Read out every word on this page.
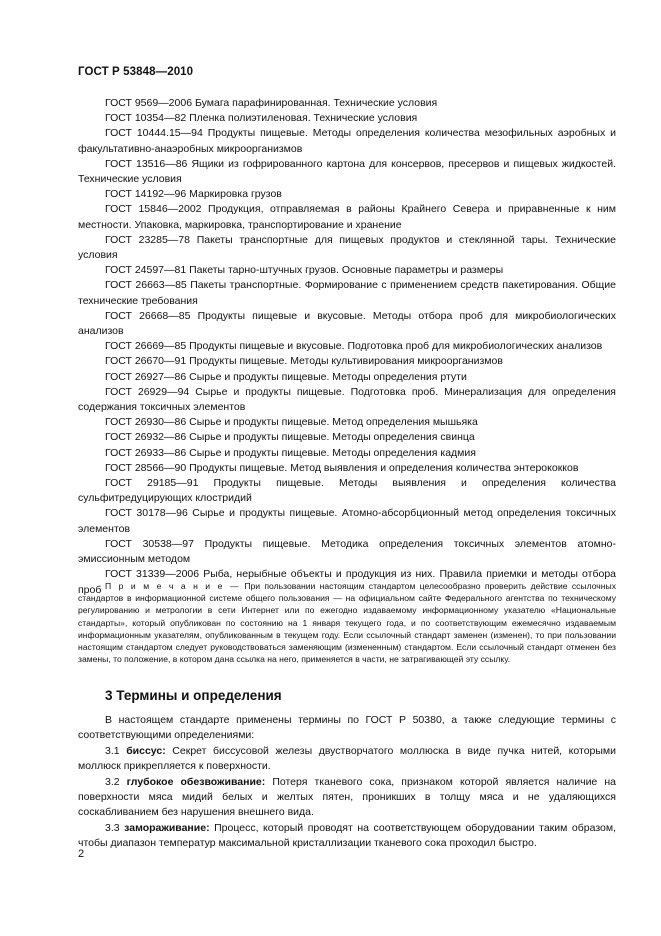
ГОСТ Р 53848—2010

ГОСТ 9569—2006 Бумага парафинированная. Технические условия

ГОСТ 10354—82 Пленка полиэтиленовая. Технические условия

ГОСТ 10444.15—94 Продукты пищевые. Методы определения количества мезофильных аэробных и факультативно-анаэробных микроорганизмов

ГОСТ 13516—86 Ящики из гофрированного картона для консервов, пресервов и пищевых жидкостей. Технические условия

ГОСТ 14192—96 Маркировка грузов

ГОСТ 15846—2002 Продукция, отправляемая в районы Крайнего Севера и приравненные к ним местности. Упаковка, маркировка, транспортирование и хранение

ГОСТ 23285—78 Пакеты транспортные для пищевых продуктов и стеклянной тары. Технические условия

ГОСТ 24597—81 Пакеты тарно-штучных грузов. Основные параметры и размеры

ГОСТ 26663—85 Пакеты транспортные. Формирование с применением средств пакетирования. Общие технические требования

ГОСТ 26668—85 Продукты пищевые и вкусовые. Методы отбора проб для микробиологических анализов

ГОСТ 26669—85 Продукты пищевые и вкусовые. Подготовка проб для микробиологических анализов

ГОСТ 26670—91 Продукты пищевые. Методы культивирования микроорганизмов

ГОСТ 26927—86 Сырье и продукты пищевые. Методы определения ртути

ГОСТ 26929—94 Сырье и продукты пищевые. Подготовка проб. Минерализация для определения содержания токсичных элементов

ГОСТ 26930—86 Сырье и продукты пищевые. Метод определения мышьяка

ГОСТ 26932—86 Сырье и продукты пищевые. Методы определения свинца

ГОСТ 26933—86 Сырье и продукты пищевые. Методы определения кадмия

ГОСТ 28566—90 Продукты пищевые. Метод выявления и определения количества энтерококков

ГОСТ 29185—91 Продукты пищевые. Методы выявления и определения количества сульфитредуцирующих клостридий

ГОСТ 30178—96 Сырье и продукты пищевые. Атомно-абсорбционный метод определения токсичных элементов

ГОСТ 30538—97 Продукты пищевые. Методика определения токсичных элементов атомно-эмиссионным методом

ГОСТ 31339—2006 Рыба, нерыбные объекты и продукция из них. Правила приемки и методы отбора проб П р и м е ч а н и е — При пользовании настоящим стандартом целесообразно проверить действие ссылочных стандартов в информационной системе общего пользования — на официальном сайте Федерального агентства по техническому регулированию и метрологии в сети Интернет или по ежегодно издаваемому информационному указателю «Национальные стандарты», который опубликован по состоянию на 1 января текущего года, и по соответствующим ежемесячно издаваемым информационным указателям, опубликованным в текущем году. Если ссылочный стандарт заменен (изменен), то при пользовании настоящим стандартом следует руководствоваться заменяющим (измененным) стандартом. Если ссылочный стандарт отменен без замены, то положение, в котором дана ссылка на него, применяется в части, не затрагивающей эту ссылку.

3 Термины и определения

В настоящем стандарте применены термины по ГОСТ Р 50380, а также следующие термины с соответствующими определениями:

3.1 биссус: Секрет биссусовой железы двустворчатого моллюска в виде пучка нитей, которыми моллюск прикрепляется к поверхности.

3.2 глубокое обезвоживание: Потеря тканевого сока, признаком которой является наличие на поверхности мяса мидий белых и желтых пятен, проникших в толщу мяса и не удаляющихся соскабливанием без нарушения внешнего вида.

3.3 замораживание: Процесс, который проводят на соответствующем оборудовании таким образом, чтобы диапазон температур максимальной кристаллизации тканевого сока проходил быстро.

2
